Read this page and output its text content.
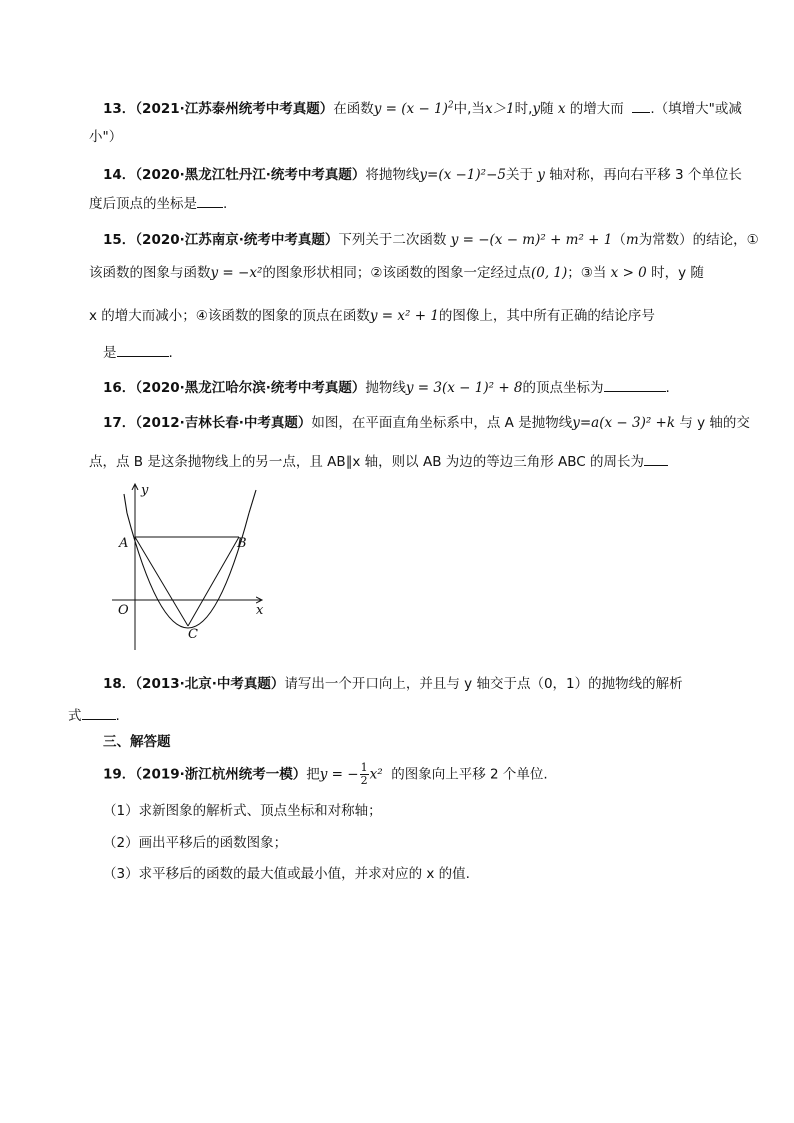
13．（2021·江苏泰州统考中考真题）在函数$y = (x - 1)^2$中,当x＞1时,y随 x 的增大而 .（填增大"或减
小"）
14．（2020·黑龙江牡丹江·统考中考真题）将抛物线y=(x −1)²−5关于 y 轴对称，再向右平移 3 个单位长
度后顶点的坐标是 .
15．（2020·江苏南京·统考中考真题）下列关于二次函数 y = −(x − m)² + m² + 1（m为常数）的结论，①
该函数的图象与函数y = −x²的图象形状相同；②该函数的图象一定经过点(0, 1)；③当 x > 0 时，y 随
x 的增大而减小；④该函数的图象的顶点在函数y = x² + 1的图像上，其中所有正确的结论序号
是	.
16．（2020·黑龙江哈尔滨·统考中考真题）抛物线y = 3(x − 1)² + 8的顶点坐标为	.
17．（2012·吉林长春·中考真题）如图，在平面直角坐标系中，点 A 是抛物线y=a(x − 3)² +k 与 y 轴的交
点，点 B 是这条抛物线上的另一点，且 AB∥x 轴，则以 AB 为边的等边三角形 ABC 的周长为
y
x
O
A	B
C
18．（2013·北京·中考真题）请写出一个开口向上，并且与 y 轴交于点（0，1）的抛物线的解析
式	.
三、解答题
19．（2019·浙江杭州统考一模）把y = − $\frac{1}{2} x^2$ 的图象向上平移 2 个单位.
（1）求新图象的解析式、顶点坐标和对称轴；
（2）画出平移后的函数图象；
（3）求平移后的函数的最大值或最小值，并求对应的 x 的值.
